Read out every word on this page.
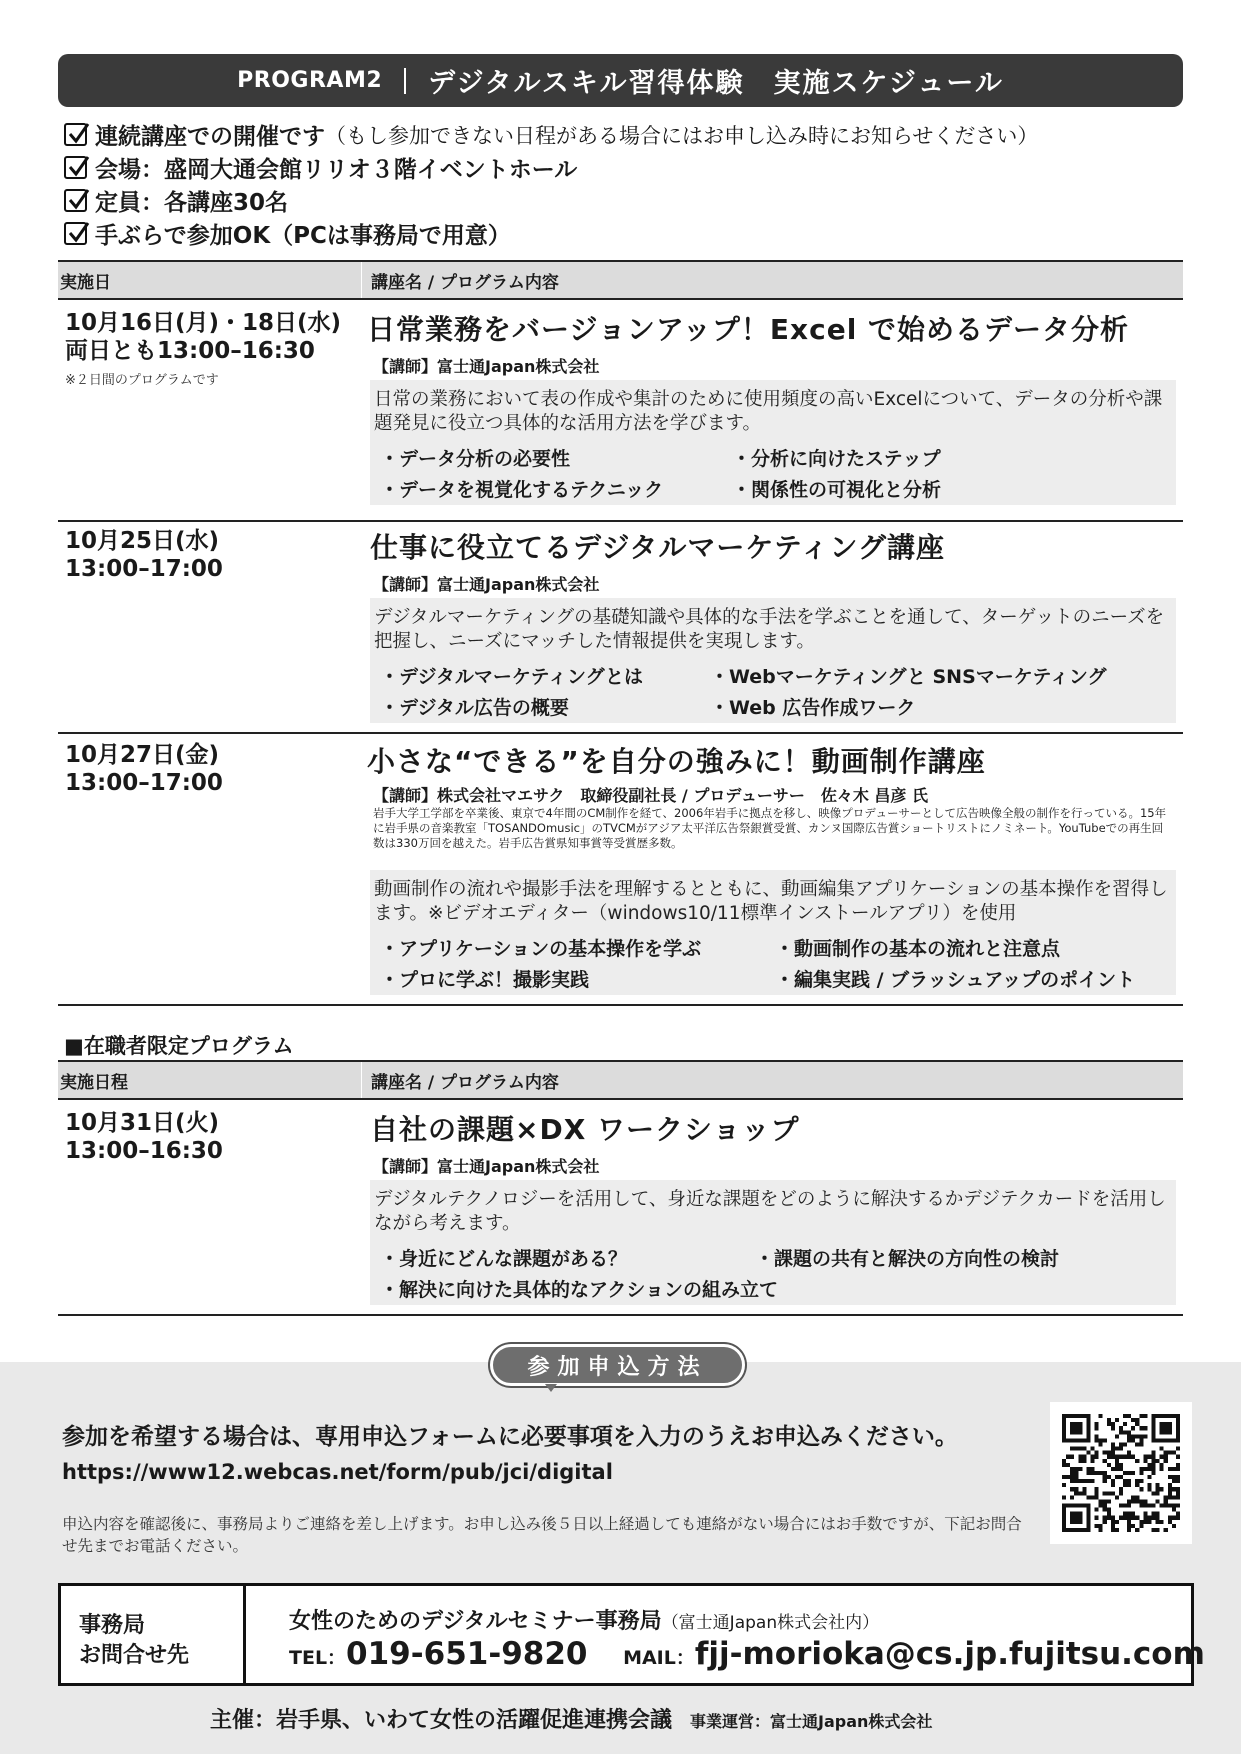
PROGRAM2 デジタルスキル習得体験　実施スケジュール
連続講座での開催です （もし参加できない日程がある場合にはお申し込み時にお知らせください）
会場：盛岡大通会館リリオ３階イベントホール
定員：各講座30名
手ぶらで参加OK（PCは事務局で用意）
実施日	講座名 / プログラム内容
10月16日(月)・18日(水)
両日とも13:00–16:30
※２日間のプログラムです
日常業務をバージョンアップ！Excel で始めるデータ分析
【講師】富士通Japan株式会社
日常の業務において表の作成や集計のために使用頻度の高いExcelについて、データの分析や課題発見に役立つ具体的な活用方法を学びます。
・データ分析の必要性	・分析に向けたステップ
・データを視覚化するテクニック	・関係性の可視化と分析
10月25日(水)
13:00–17:00
仕事に役立てるデジタルマーケティング講座
【講師】富士通Japan株式会社
デジタルマーケティングの基礎知識や具体的な手法を学ぶことを通して、ターゲットのニーズを把握し、ニーズにマッチした情報提供を実現します。
・デジタルマーケティングとは	・Webマーケティングと SNSマーケティング
・デジタル広告の概要	・Web 広告作成ワーク
10月27日(金)
13:00–17:00
小さな“できる”を自分の強みに！動画制作講座
【講師】株式会社マエサク　取締役副社長 / プロデューサー　佐々木 昌彦 氏
岩手大学工学部を卒業後、東京で4年間のCM制作を経て、2006年岩手に拠点を移し、映像プロデューサーとして広告映像全般の制作を行っている。15年に岩手県の音楽教室「TOSANDOmusic」のTVCMがアジア太平洋広告祭銀賞受賞、カンヌ国際広告賞ショートリストにノミネート。YouTubeでの再生回数は330万回を越えた。岩手広告賞県知事賞等受賞歴多数。
動画制作の流れや撮影手法を理解するとともに、動画編集アプリケーションの基本操作を習得します。※ビデオエディター（windows10/11標準インストールアプリ）を使用
・アプリケーションの基本操作を学ぶ	・動画制作の基本の流れと注意点
・プロに学ぶ！撮影実践	・編集実践 / ブラッシュアップのポイント
■在職者限定プログラム
実施日程	講座名 / プログラム内容
10月31日(火)
13:00–16:30
自社の課題×DX ワークショップ
【講師】富士通Japan株式会社
デジタルテクノロジーを活用して、身近な課題をどのように解決するかデジテクカードを活用しながら考えます。
・身近にどんな課題がある？	・課題の共有と解決の方向性の検討
・解決に向けた具体的なアクションの組み立て
参加申込方法
参加を希望する場合は、専用申込フォームに必要事項を入力のうえお申込みください。
https://www12.webcas.net/form/pub/jci/digital
申込内容を確認後に、事務局よりご連絡を差し上げます。お申し込み後５日以上経過しても連絡がない場合にはお手数ですが、下記お問合せ先までお電話ください。
事務局
お問合せ先
女性のためのデジタルセミナー事務局（富士通Japan株式会社内）
TEL：019-651-9820 MAIL：fjj-morioka@cs.jp.fujitsu.com
主催：岩手県、いわて女性の活躍促進連携会議 事業運営：富士通Japan株式会社
